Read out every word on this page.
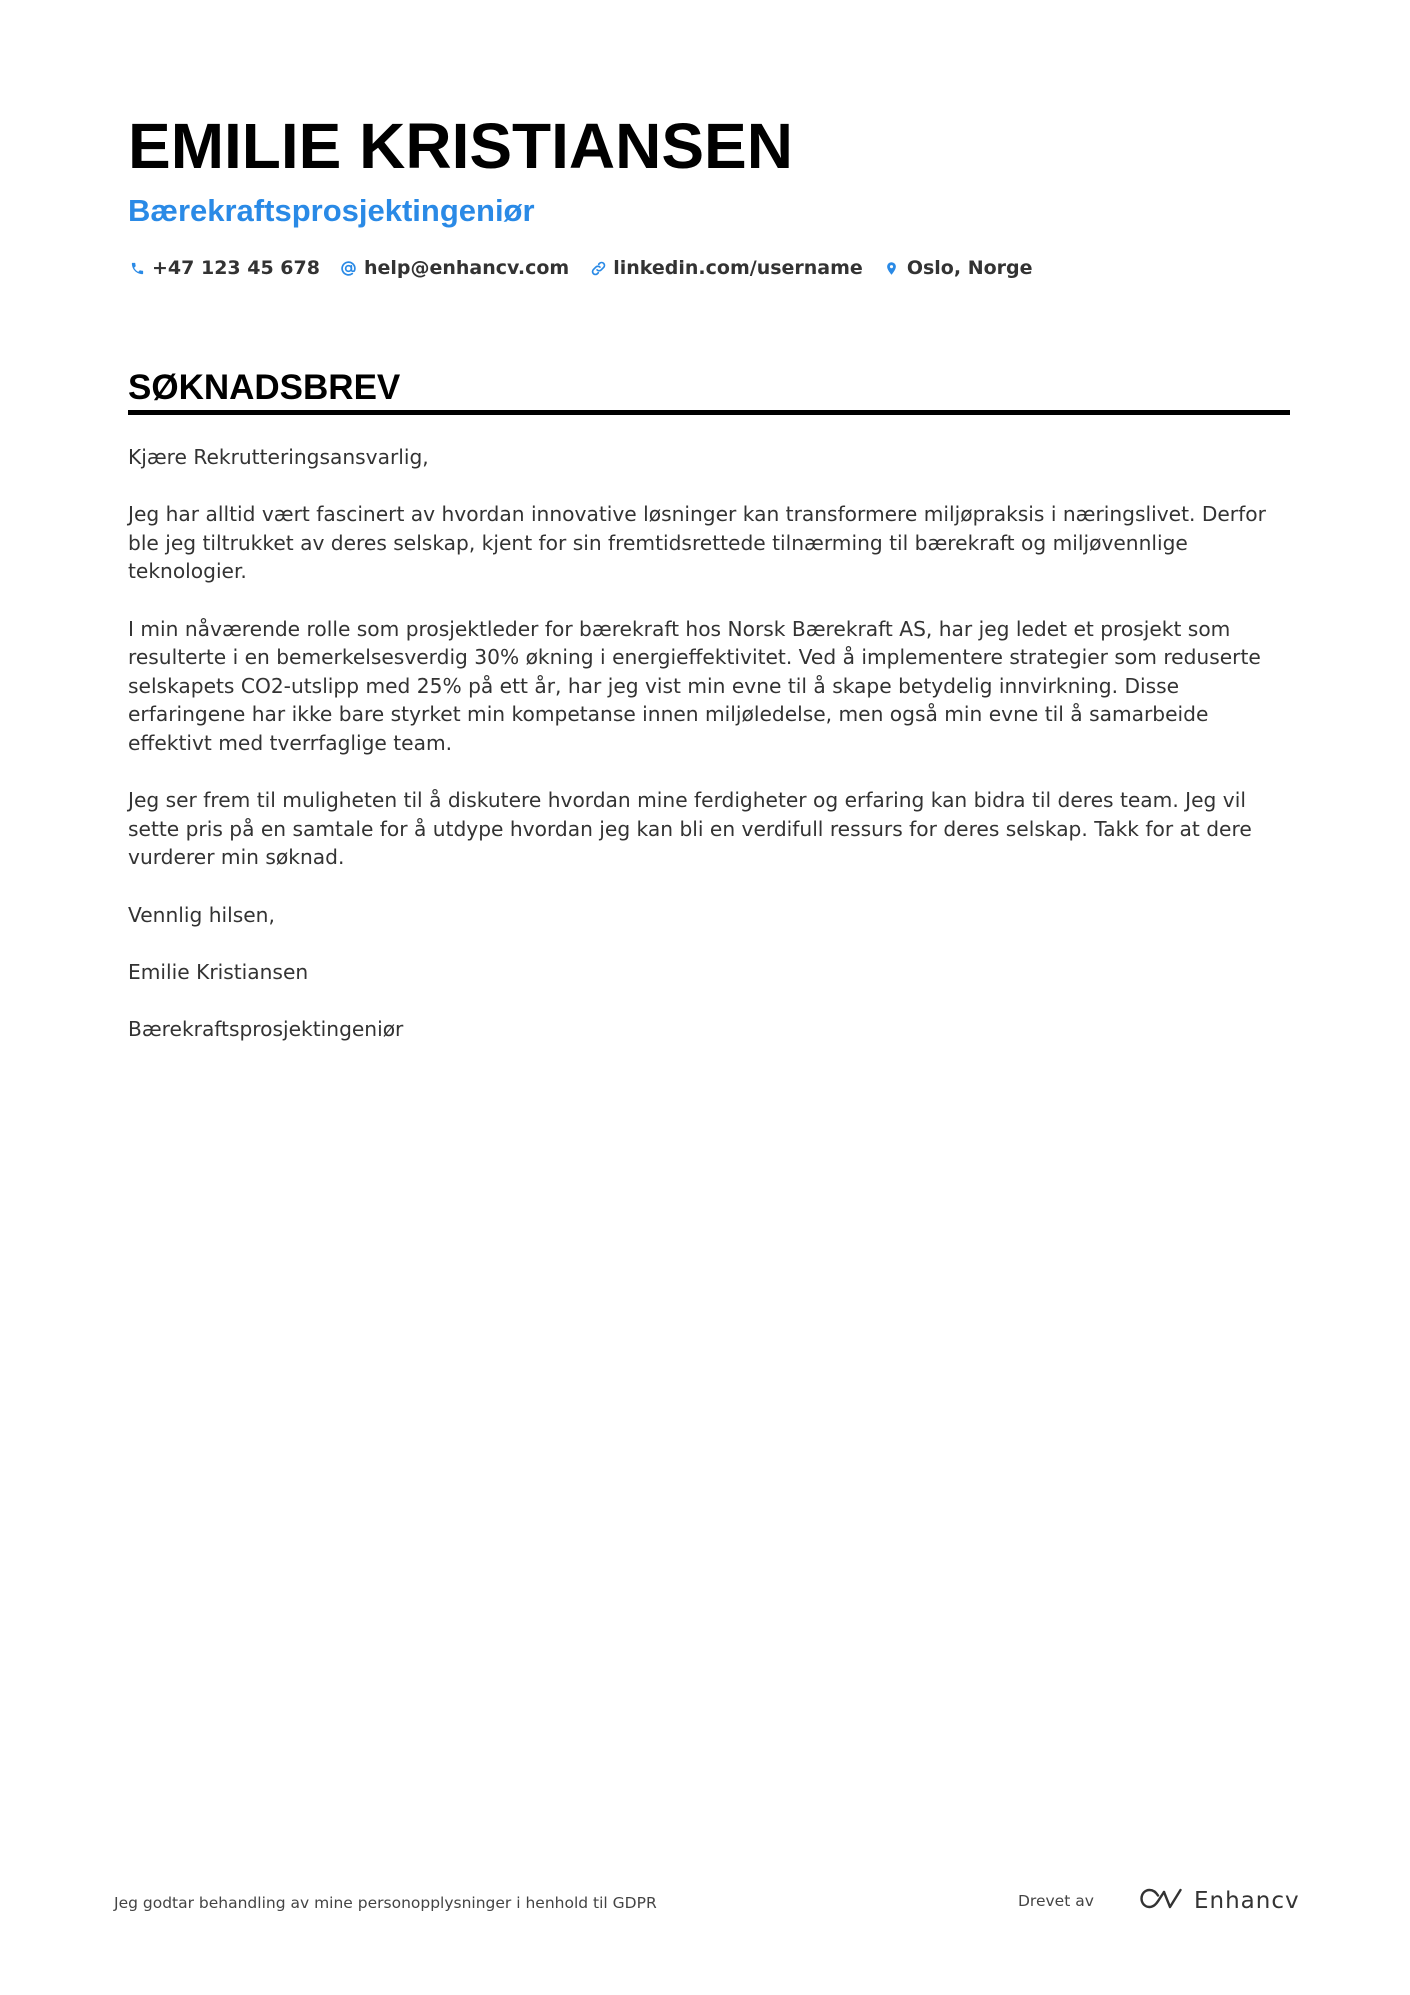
EMILIE KRISTIANSEN
Bærekraftsprosjektingeniør
+47 123 45 678 help@enhancv.com linkedin.com/username Oslo, Norge
SØKNADSBREV

Kjære Rekrutteringsansvarlig,

Jeg har alltid vært fascinert av hvordan innovative løsninger kan transformere miljøpraksis i næringslivet. Derfor ble jeg tiltrukket av deres selskap, kjent for sin fremtidsrettede tilnærming til bærekraft og miljøvennlige teknologier.

I min nåværende rolle som prosjektleder for bærekraft hos Norsk Bærekraft AS, har jeg ledet et prosjekt som resulterte i en bemerkelsesverdig 30% økning i energieffektivitet. Ved å implementere strategier som reduserte selskapets CO2-utslipp med 25% på ett år, har jeg vist min evne til å skape betydelig innvirkning. Disse erfaringene har ikke bare styrket min kompetanse innen miljøledelse, men også min evne til å samarbeide effektivt med tverrfaglige team.

Jeg ser frem til muligheten til å diskutere hvordan mine ferdigheter og erfaring kan bidra til deres team. Jeg vil sette pris på en samtale for å utdype hvordan jeg kan bli en verdifull ressurs for deres selskap. Takk for at dere vurderer min søknad.

Vennlig hilsen,

Emilie Kristiansen

Bærekraftsprosjektingeniør

Jeg godtar behandling av mine personopplysninger i henhold til GDPR	Drevet av	Enhancv
